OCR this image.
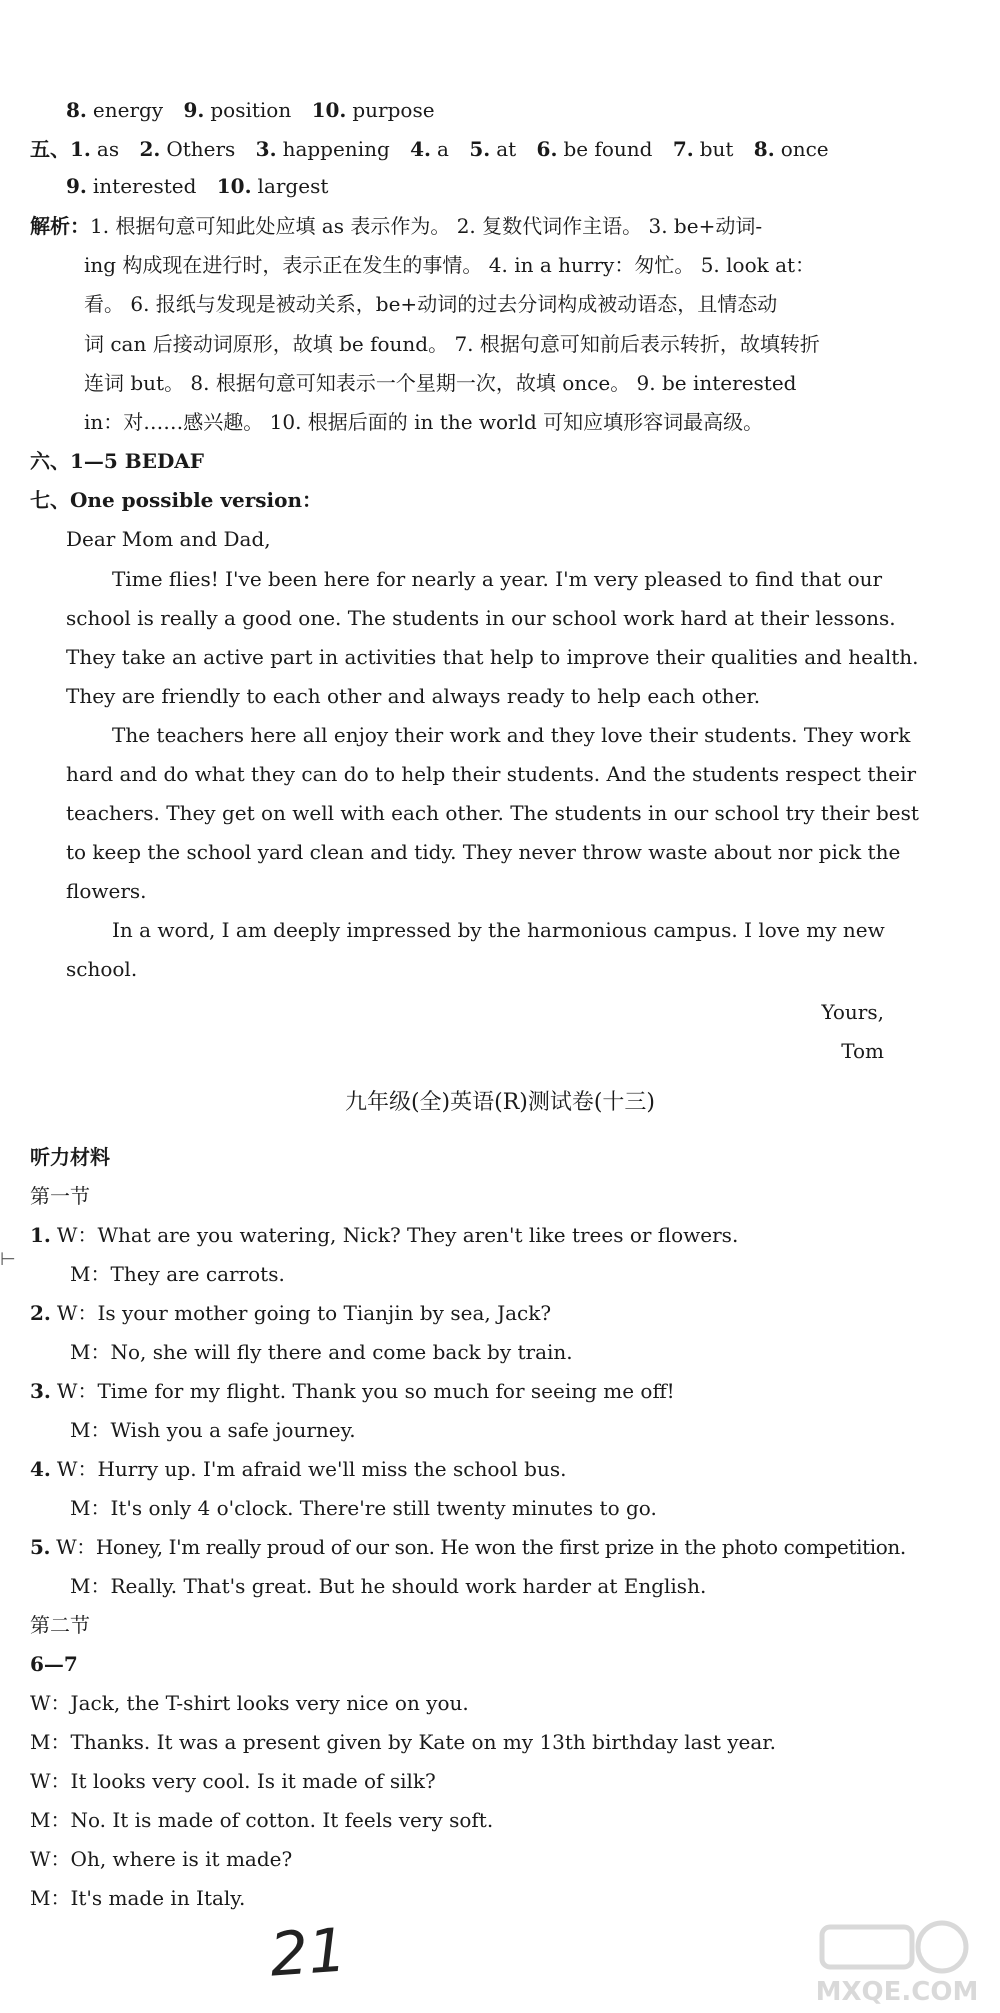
8. energy 9. position 10. purpose
五、1. as 2. Others 3. happening 4. a 5. at 6. be found 7. but 8. once
9. interested 10. largest
解析：1. 根据句意可知此处应填 as 表示作为。 2. 复数代词作主语。 3. be+动词-
ing 构成现在进行时，表示正在发生的事情。 4. in a hurry：匆忙。 5. look at：
看。 6. 报纸与发现是被动关系，be+动词的过去分词构成被动语态，且情态动
词 can 后接动词原形，故填 be found。 7. 根据句意可知前后表示转折，故填转折
连词 but。 8. 根据句意可知表示一个星期一次，故填 once。 9. be interested
in：对……感兴趣。 10. 根据后面的 in the world 可知应填形容词最高级。
六、1—5 BEDAF
七、One possible version：
Dear Mom and Dad,
Time flies! I've been here for nearly a year. I'm very pleased to find that our
school is really a good one. The students in our school work hard at their lessons.
They take an active part in activities that help to improve their qualities and health.
They are friendly to each other and always ready to help each other.
The teachers here all enjoy their work and they love their students. They work
hard and do what they can do to help their students. And the students respect their
teachers. They get on well with each other. The students in our school try their best
to keep the school yard clean and tidy. They never throw waste about nor pick the
flowers.
In a word, I am deeply impressed by the harmonious campus. I love my new
school.
Yours,
Tom
九年级(全)英语(R)测试卷(十三)
听力材料
第一节
1. W：What are you watering, Nick? They aren't like trees or flowers.
M：They are carrots.
2. W：Is your mother going to Tianjin by sea, Jack?
M：No, she will fly there and come back by train.
3. W：Time for my flight. Thank you so much for seeing me off!
M：Wish you a safe journey.
4. W：Hurry up. I'm afraid we'll miss the school bus.
M：It's only 4 o'clock. There're still twenty minutes to go.
5. W：Honey, I'm really proud of our son. He won the first prize in the photo competition.
M：Really. That's great. But he should work harder at English.
第二节
6—7
W：Jack, the T-shirt looks very nice on you.
M：Thanks. It was a present given by Kate on my 13th birthday last year.
W：It looks very cool. Is it made of silk?
M：No. It is made of cotton. It feels very soft.
W：Oh, where is it made?
M：It's made in Italy.
21
⊢
MXQE.COM
